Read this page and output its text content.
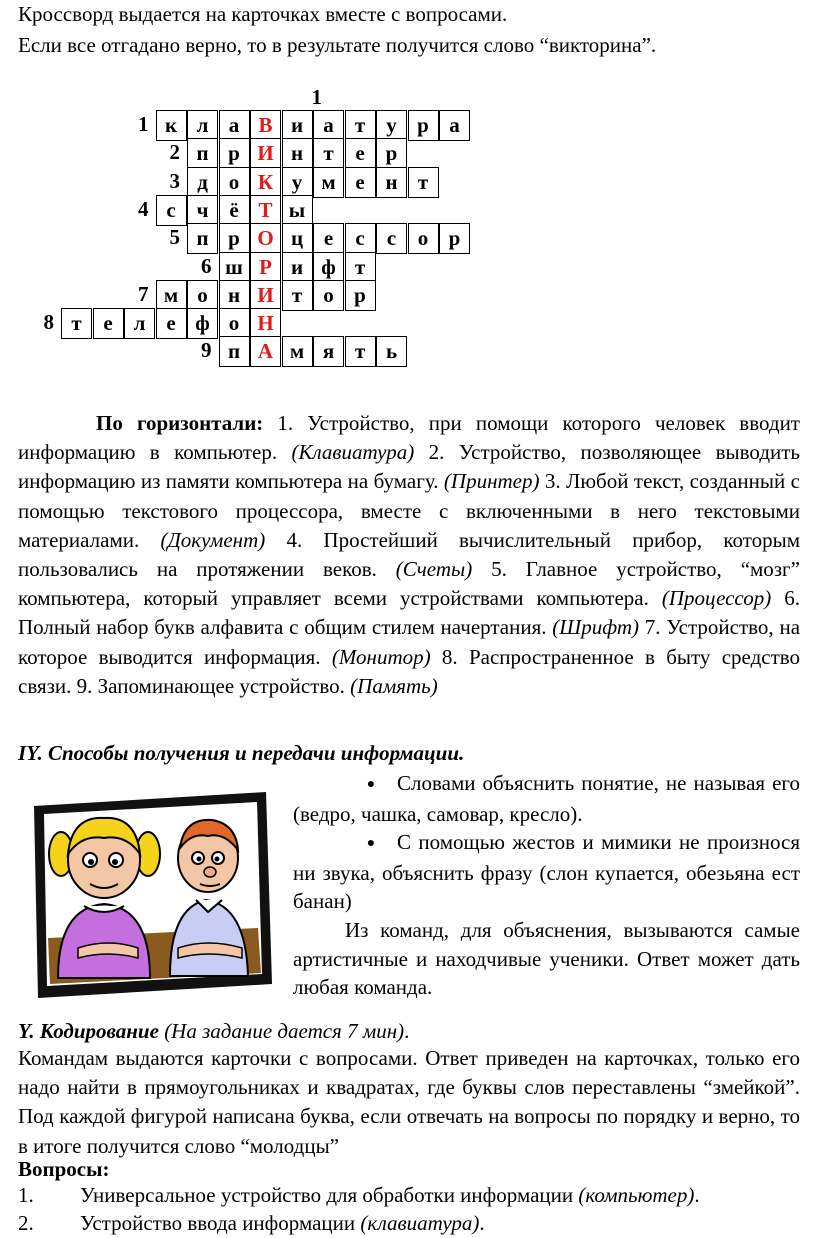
Кроссворд выдается на карточках вместе с вопросами.
Если все отгадано верно, то в результате получится слово “викторина”.
1
1 к л а В и а	т	у р а
2 п р И н т	е	р
3 д о К у м е н т
4 с ч ё Т ы
5 п р О ц е	с	с	о р
6 ш Р и ф т
7 м о н И т	о р
8 т	е л е ф о Н
9 п А м я т ь
По горизонтали: 1. Устройство, при помощи которого человек вводит информацию в компьютер. (Клавиатура) 2. Устройство, позволяющее выводить информацию из памяти компьютера на бумагу. (Принтер) 3. Любой текст, созданный с помощью текстового процессора, вместе с включенными в него текстовыми материалами. (Документ) 4. Простейший вычислительный прибор, которым пользовались на протяжении веков. (Счеты) 5. Главное устройство, “мозг” компьютера, который управляет всеми устройствами компьютера. (Процессор) 6. Полный набор букв алфавита с общим стилем начертания. (Шрифт) 7. Устройство, на которое выводится информация. (Монитор) 8. Распространенное в быту средство связи. 9. Запоминающее устройство. (Память)
IY. Способы получения и передачи информации.

● Словами объяснить понятие, не называя его (ведро, чашка, самовар, кресло).

● С помощью жестов и мимики не произнося ни звука, объяснить фразу (слон купается, обезьяна ест банан)

Из команд, для объяснения, вызываются самые артистичные и находчивые ученики. Ответ может дать любая команда.

Y. Кодирование (На задание дается 7 мин).
Командам выдаются карточки с вопросами. Ответ приведен на карточках, только его надо найти в прямоугольниках и квадратах, где буквы слов переставлены “змейкой”. Под каждой фигурой написана буква, если отвечать на вопросы по порядку и верно, то в итоге получится слово “молодцы”
Вопросы:
1. Универсальное устройство для обработки информации (компьютер).
2. Устройство ввода информации (клавиатура).
